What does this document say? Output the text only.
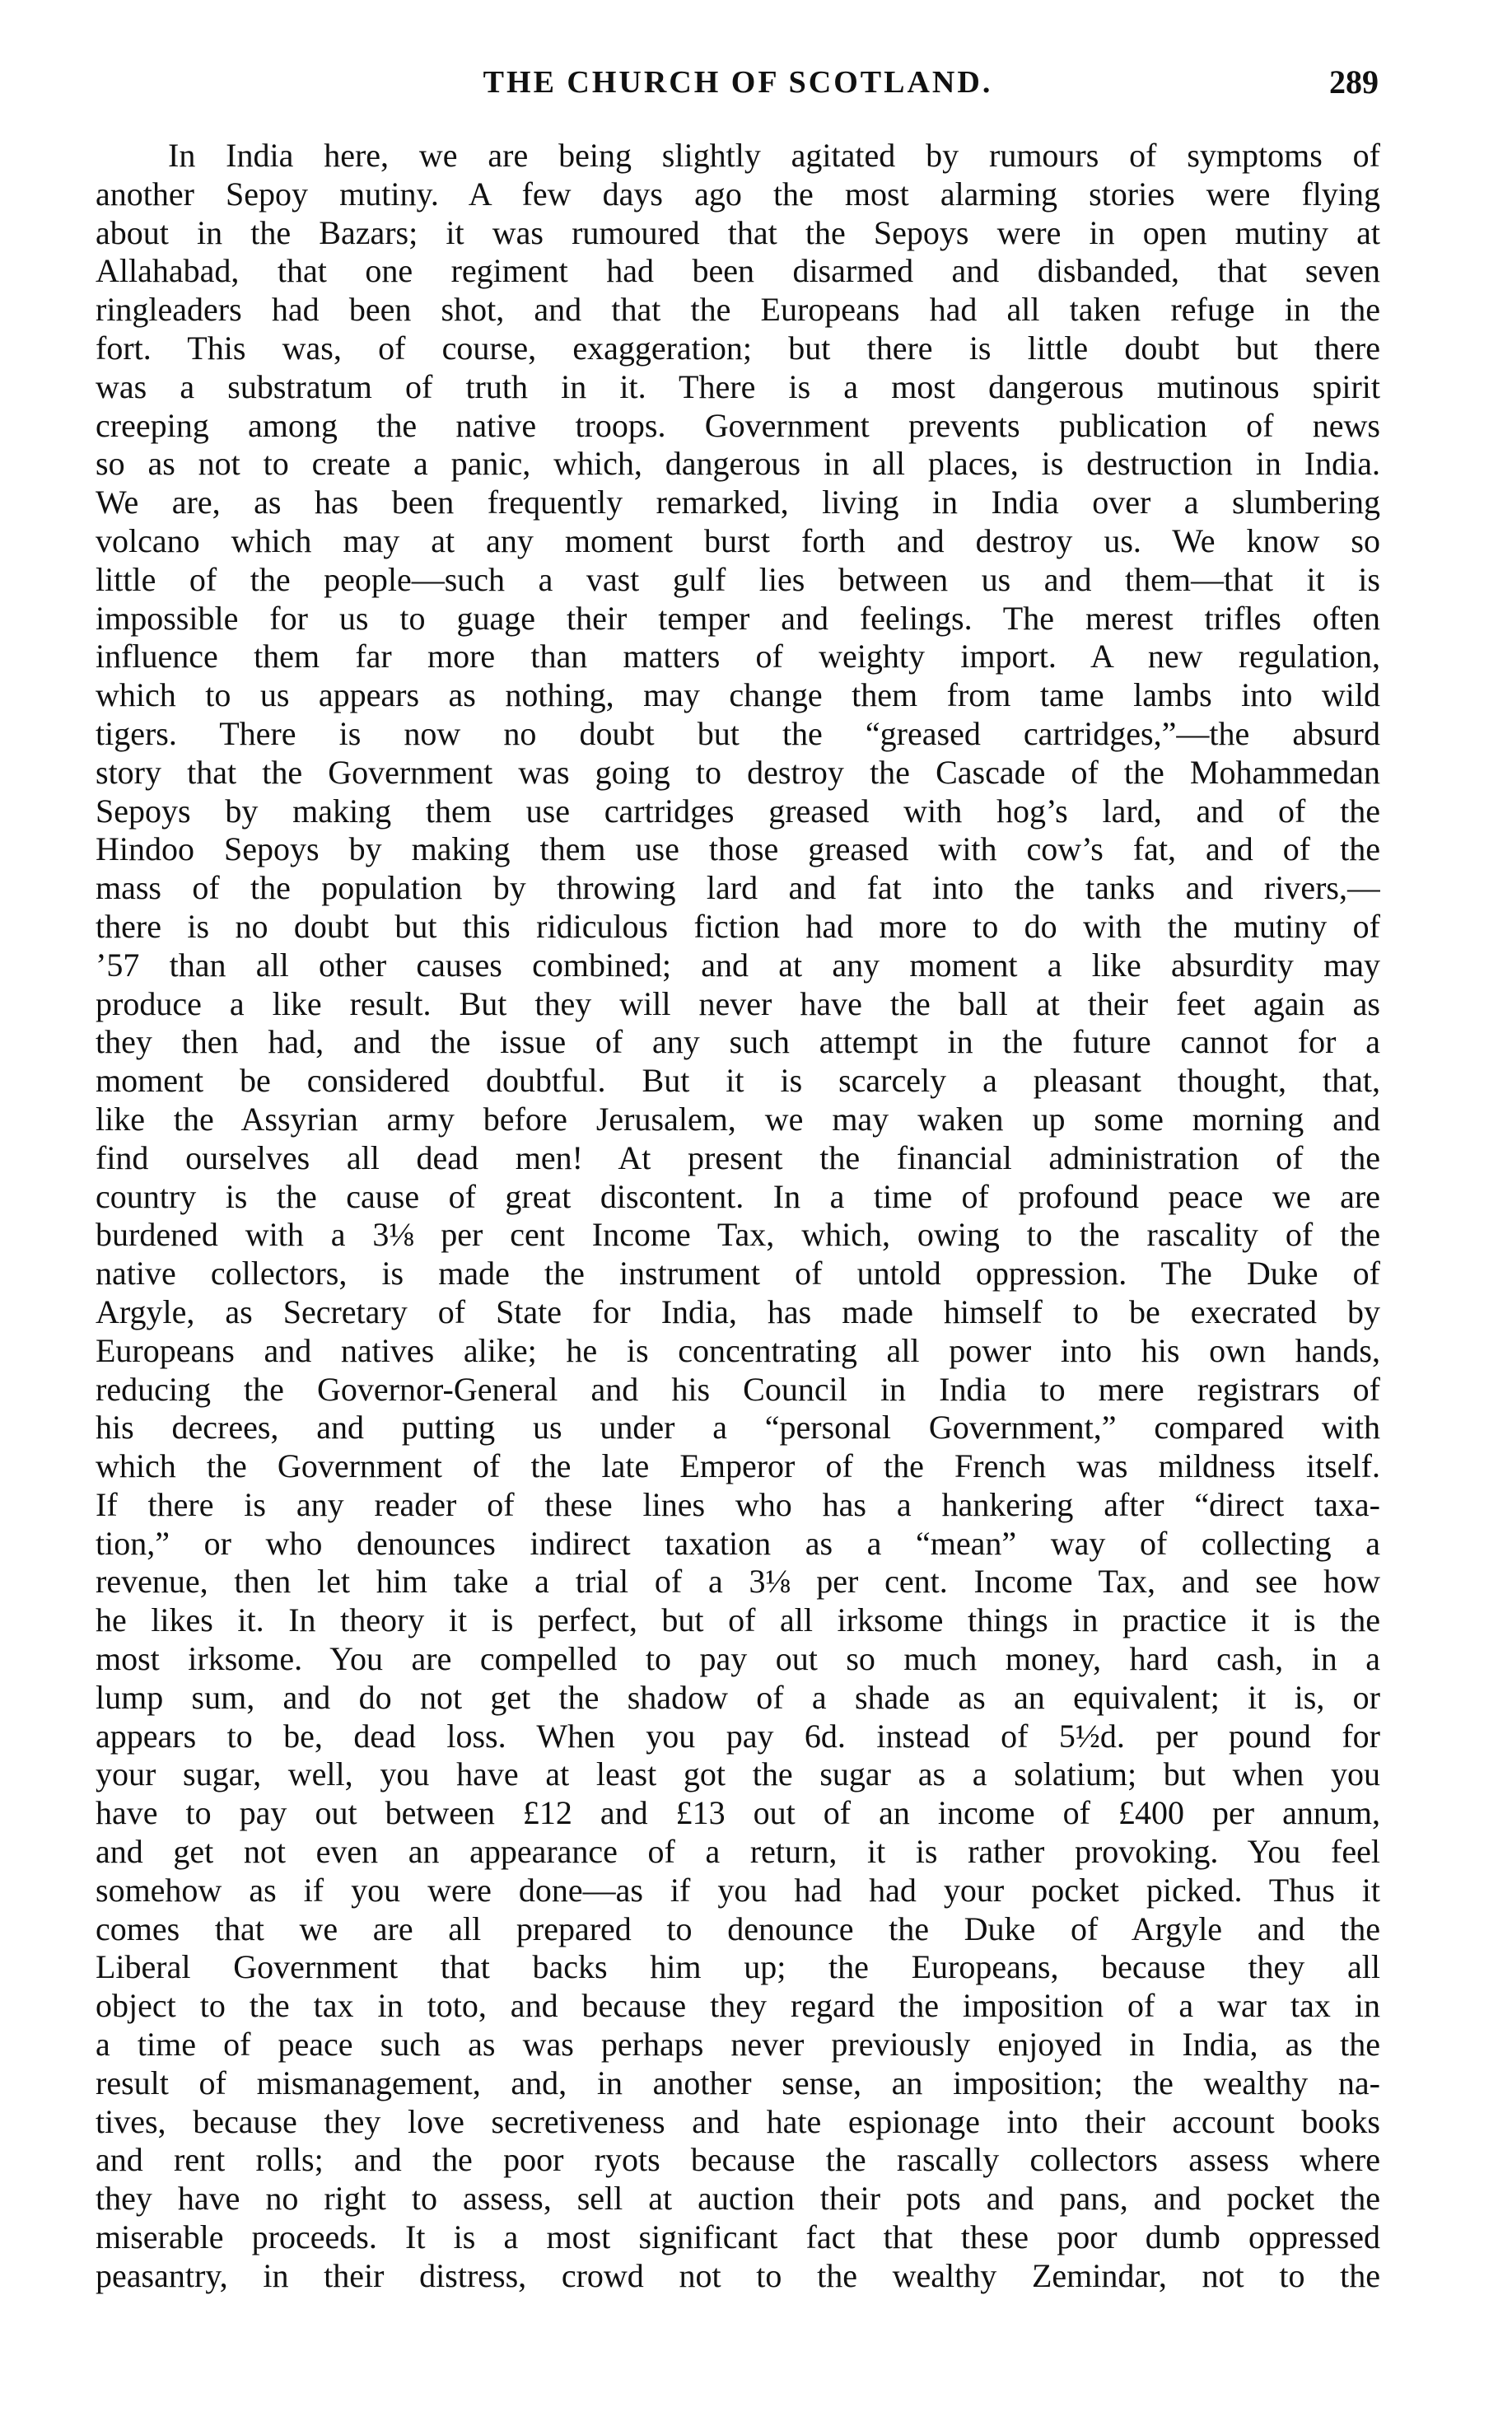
THE CHURCH OF SCOTLAND.	289
In India here, we are being slightly agitated by rumours of symptoms of
another Sepoy mutiny. A few days ago the most alarming stories were flying
about in the Bazars; it was rumoured that the Sepoys were in open mutiny at
Allahabad, that one regiment had been disarmed and disbanded, that seven
ringleaders had been shot, and that the Europeans had all taken refuge in the
fort. This was, of course, exaggeration; but there is little doubt but there
was a substratum of truth in it. There is a most dangerous mutinous spirit
creeping among the native troops. Government prevents publication of news
so as not to create a panic, which, dangerous in all places, is destruction in India.
We are, as has been frequently remarked, living in India over a slumbering
volcano which may at any moment burst forth and destroy us. We know so
little of the people—such a vast gulf lies between us and them—that it is
impossible for us to guage their temper and feelings. The merest trifles often
influence them far more than matters of weighty import. A new regulation,
which to us appears as nothing, may change them from tame lambs into wild
tigers. There is now no doubt but the “greased cartridges,”—the absurd
story that the Government was going to destroy the Cascade of the Mohammedan
Sepoys by making them use cartridges greased with hog’s lard, and of the
Hindoo Sepoys by making them use those greased with cow’s fat, and of the
mass of the population by throwing lard and fat into the tanks and rivers,—
there is no doubt but this ridiculous fiction had more to do with the mutiny of
’57 than all other causes combined; and at any moment a like absurdity may
produce a like result. But they will never have the ball at their feet again as
they then had, and the issue of any such attempt in the future cannot for a
moment be considered doubtful. But it is scarcely a pleasant thought, that,
like the Assyrian army before Jerusalem, we may waken up some morning and
find ourselves all dead men! At present the financial administration of the
country is the cause of great discontent. In a time of profound peace we are
burdened with a 3⅛ per cent Income Tax, which, owing to the rascality of the
native collectors, is made the instrument of untold oppression. The Duke of
Argyle, as Secretary of State for India, has made himself to be execrated by
Europeans and natives alike; he is concentrating all power into his own hands,
reducing the Governor-General and his Council in India to mere registrars of
his decrees, and putting us under a “personal Government,” compared with
which the Government of the late Emperor of the French was mildness itself.
If there is any reader of these lines who has a hankering after “direct taxa-
tion,” or who denounces indirect taxation as a “mean” way of collecting a
revenue, then let him take a trial of a 3⅛ per cent. Income Tax, and see how
he likes it. In theory it is perfect, but of all irksome things in practice it is the
most irksome. You are compelled to pay out so much money, hard cash, in a
lump sum, and do not get the shadow of a shade as an equivalent; it is, or
appears to be, dead loss. When you pay 6d. instead of 5½d. per pound for
your sugar, well, you have at least got the sugar as a solatium; but when you
have to pay out between £12 and £13 out of an income of £400 per annum,
and get not even an appearance of a return, it is rather provoking. You feel
somehow as if you were done—as if you had had your pocket picked. Thus it
comes that we are all prepared to denounce the Duke of Argyle and the
Liberal Government that backs him up; the Europeans, because they all
object to the tax in toto, and because they regard the imposition of a war tax in
a time of peace such as was perhaps never previously enjoyed in India, as the
result of mismanagement, and, in another sense, an imposition; the wealthy na-
tives, because they love secretiveness and hate espionage into their account books
and rent rolls; and the poor ryots because the rascally collectors assess where
they have no right to assess, sell at auction their pots and pans, and pocket the
miserable proceeds. It is a most significant fact that these poor dumb oppressed
peasantry, in their distress, crowd not to the wealthy Zemindar, not to the
